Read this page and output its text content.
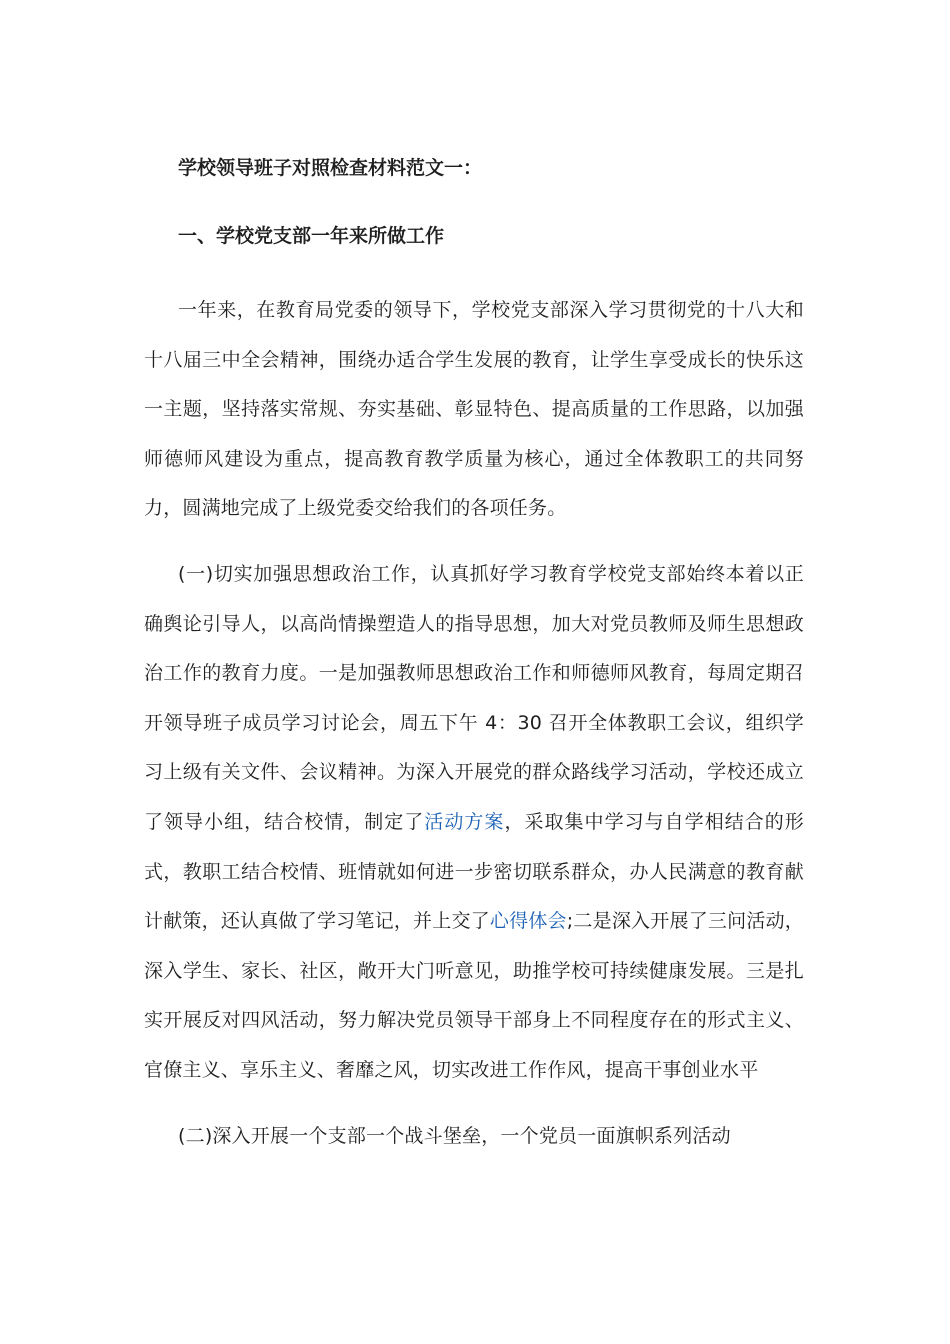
学校领导班子对照检查材料范文一：
一、学校党支部一年来所做工作

一年来，在教育局党委的领导下，学校党支部深入学习贯彻党的十八大和十八届三中全会精神，围绕办适合学生发展的教育，让学生享受成长的快乐这一主题，坚持落实常规、夯实基础、彰显特色、提高质量的工作思路，以加强师德师风建设为重点，提高教育教学质量为核心，通过全体教职工的共同努力，圆满地完成了上级党委交给我们的各项任务。

(一)切实加强思想政治工作，认真抓好学习教育学校党支部始终本着以正确舆论引导人，以高尚情操塑造人的指导思想，加大对党员教师及师生思想政治工作的教育力度。一是加强教师思想政治工作和师德师风教育，每周定期召开领导班子成员学习讨论会，周五下午 4：30 召开全体教职工会议，组织学习上级有关文件、会议精神。为深入开展党的群众路线学习活动，学校还成立了领导小组，结合校情，制定了活动方案，采取集中学习与自学相结合的形式，教职工结合校情、班情就如何进一步密切联系群众，办人民满意的教育献计献策，还认真做了学习笔记，并上交了心得体会;二是深入开展了三问活动，深入学生、家长、社区，敞开大门听意见，助推学校可持续健康发展。三是扎实开展反对四风活动，努力解决党员领导干部身上不同程度存在的形式主义、官僚主义、享乐主义、奢靡之风，切实改进工作作风，提高干事创业水平

(二)深入开展一个支部一个战斗堡垒，一个党员一面旗帜系列活动
